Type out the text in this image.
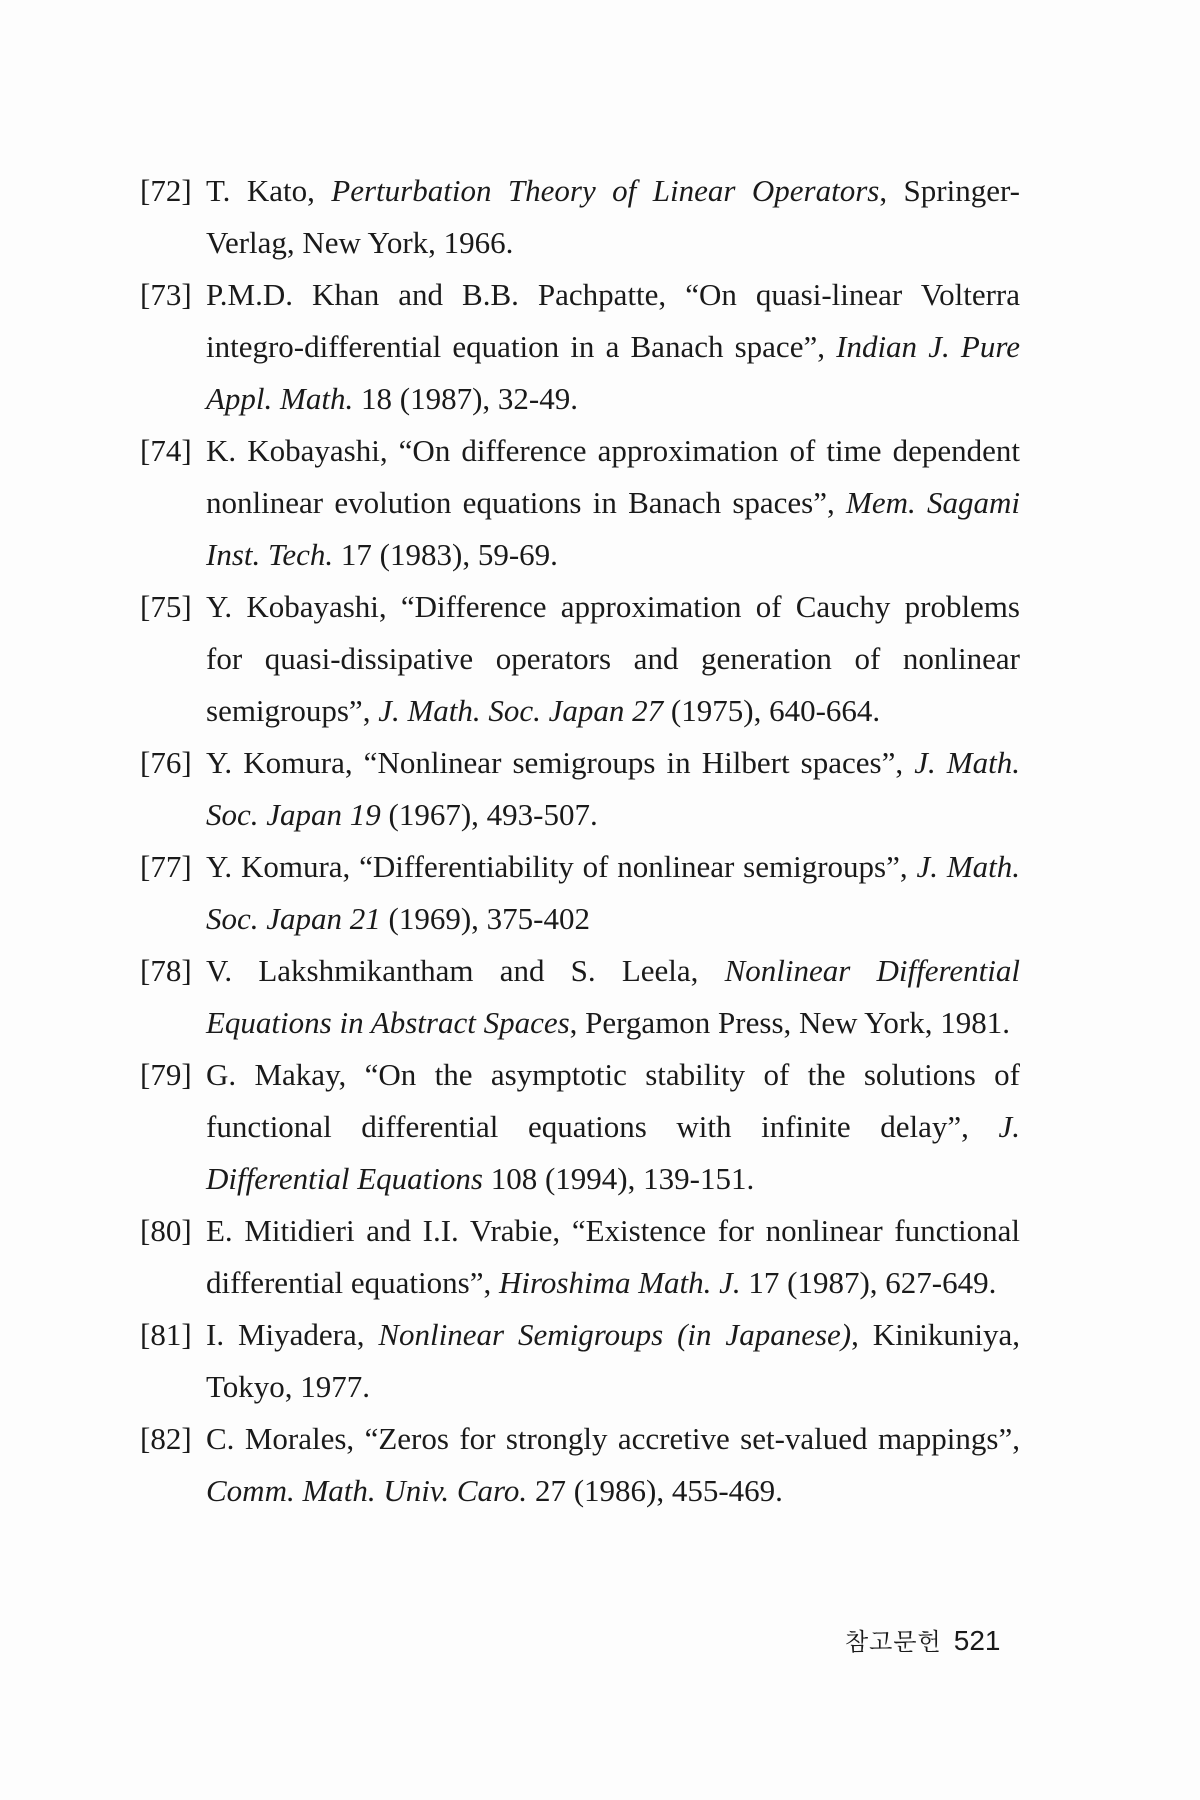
[72] T. Kato, Perturbation Theory of Linear Operators, Springer-Verlag, New York, 1966.
[73] P.M.D. Khan and B.B. Pachpatte, “On quasi-linear Volterra integro-differential equation in a Banach space”, Indian J. Pure Appl. Math. 18 (1987), 32-49.
[74] K. Kobayashi, “On difference approximation of time dependent nonlinear evolution equations in Banach spaces”, Mem. Sagami Inst. Tech. 17 (1983), 59-69.
[75] Y. Kobayashi, “Difference approximation of Cauchy problems for quasi-dissipative operators and generation of nonlinear semigroups”, J. Math. Soc. Japan 27 (1975), 640-664.
[76] Y. Komura, “Nonlinear semigroups in Hilbert spaces”, J. Math. Soc. Japan 19 (1967), 493-507.
[77] Y. Komura, “Differentiability of nonlinear semigroups”, J. Math. Soc. Japan 21 (1969), 375-402
[78] V. Lakshmikantham and S. Leela, Nonlinear Differential Equations in Abstract Spaces, Pergamon Press, New York, 1981.
[79] G. Makay, “On the asymptotic stability of the solutions of functional differential equations with infinite delay”, J. Differential Equations 108 (1994), 139-151.
[80] E. Mitidieri and I.I. Vrabie, “Existence for nonlinear functional differential equations”, Hiroshima Math. J. 17 (1987), 627-649.
[81] I. Miyadera, Nonlinear Semigroups (in Japanese), Kinikuniya, Tokyo, 1977.
[82] C. Morales, “Zeros for strongly accretive set-valued mappings”, Comm. Math. Univ. Caro. 27 (1986), 455-469.
참고문헌 521
